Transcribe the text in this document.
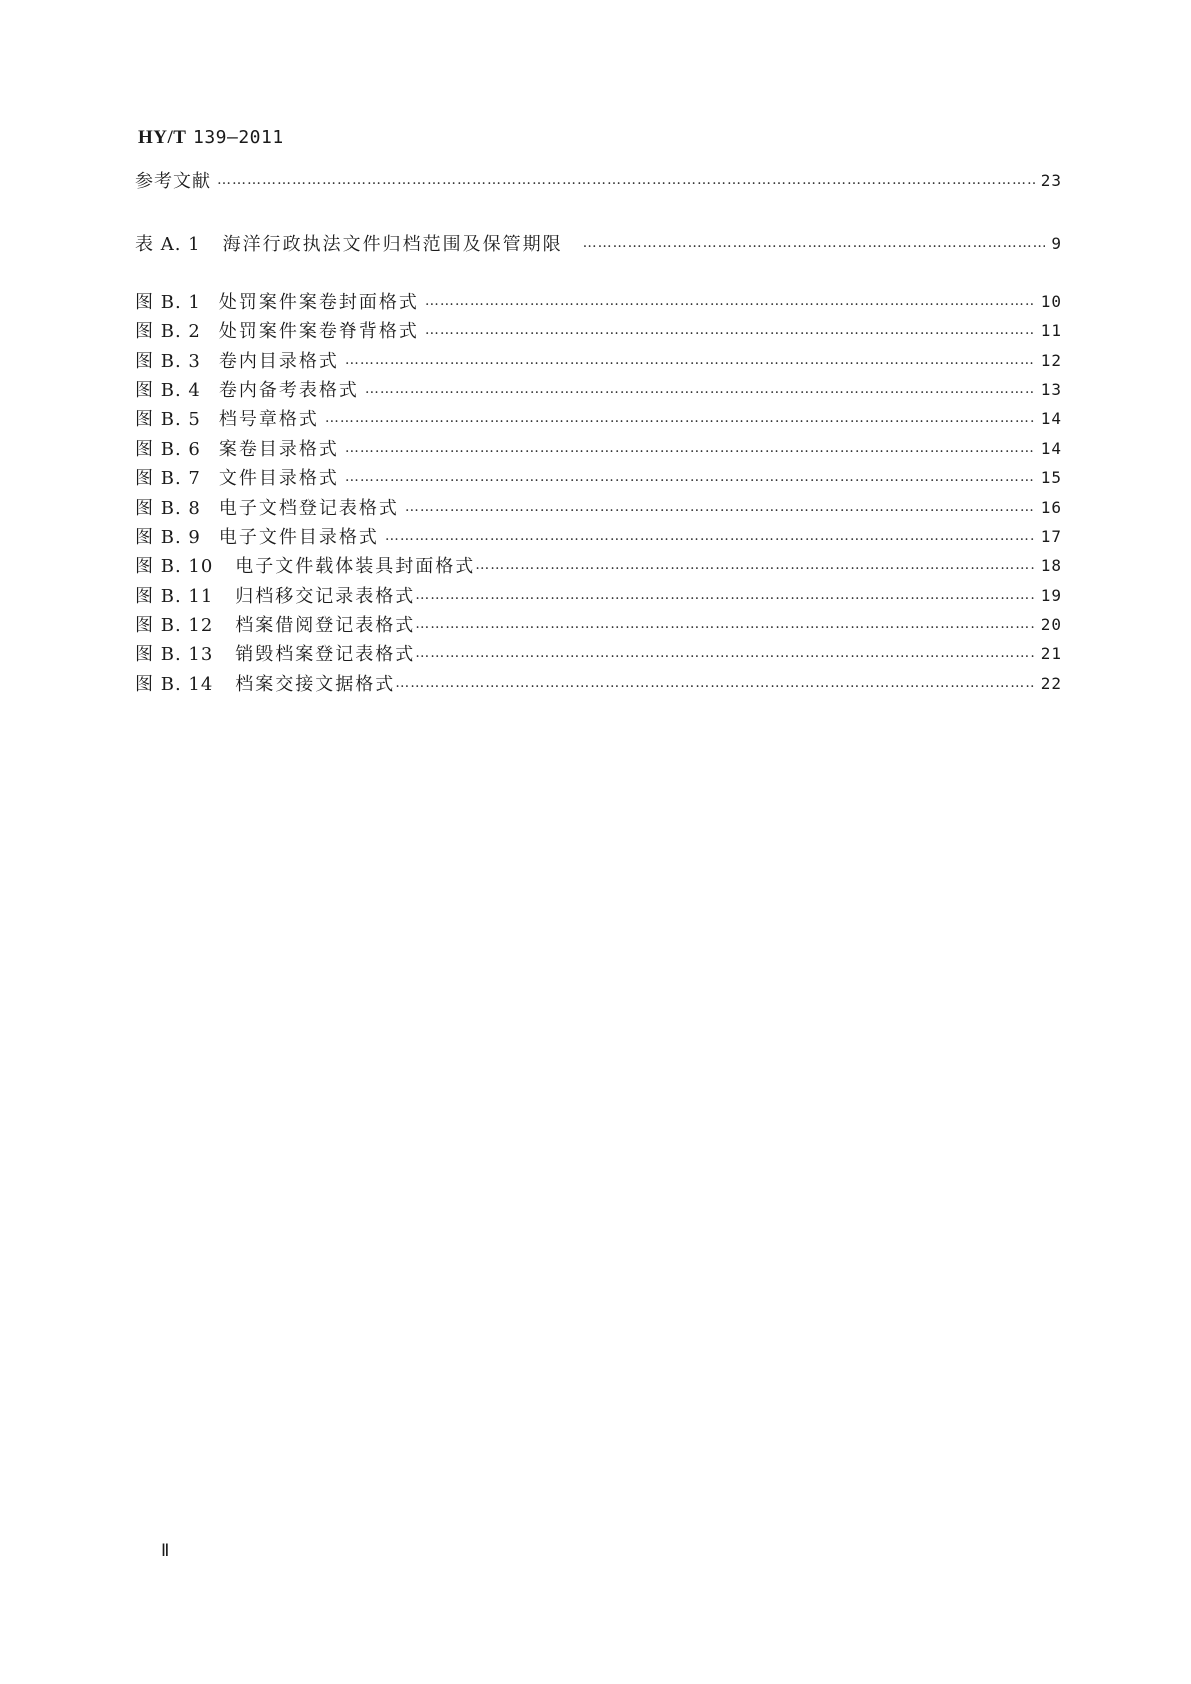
HY/T 139—2011
参考文献 …………………………………………………………………………………………………………………………………………………………………………………………………………………………………………	23
表 A. 1 海洋行政执法文件归档范围及保管期限 …………………………………………………………………………………………………………………………………………………………………………………………………………………………………………	9
图 B. 1 处罚案件案卷封面格式 …………………………………………………………………………………………………………………………………………………………………………………………………………………………………………	10
图 B. 2 处罚案件案卷脊背格式 …………………………………………………………………………………………………………………………………………………………………………………………………………………………………………	11
图 B. 3 卷内目录格式 …………………………………………………………………………………………………………………………………………………………………………………………………………………………………………	12
图 B. 4 卷内备考表格式 …………………………………………………………………………………………………………………………………………………………………………………………………………………………………………	13
图 B. 5 档号章格式 …………………………………………………………………………………………………………………………………………………………………………………………………………………………………………	14
图 B. 6 案卷目录格式 …………………………………………………………………………………………………………………………………………………………………………………………………………………………………………	14
图 B. 7 文件目录格式 …………………………………………………………………………………………………………………………………………………………………………………………………………………………………………	15
图 B. 8 电子文档登记表格式 …………………………………………………………………………………………………………………………………………………………………………………………………………………………………………	16
图 B. 9 电子文件目录格式 …………………………………………………………………………………………………………………………………………………………………………………………………………………………………………	17
图 B. 10 电子文件载体装具封面格式 …………………………………………………………………………………………………………………………………………………………………………………………………………………………………………	18
图 B. 11 归档移交记录表格式 …………………………………………………………………………………………………………………………………………………………………………………………………………………………………………	19
图 B. 12 档案借阅登记表格式 …………………………………………………………………………………………………………………………………………………………………………………………………………………………………………	20
图 B. 13 销毁档案登记表格式 …………………………………………………………………………………………………………………………………………………………………………………………………………………………………………	21
图 B. 14 档案交接文据格式 …………………………………………………………………………………………………………………………………………………………………………………………………………………………………………	22
Ⅱ
